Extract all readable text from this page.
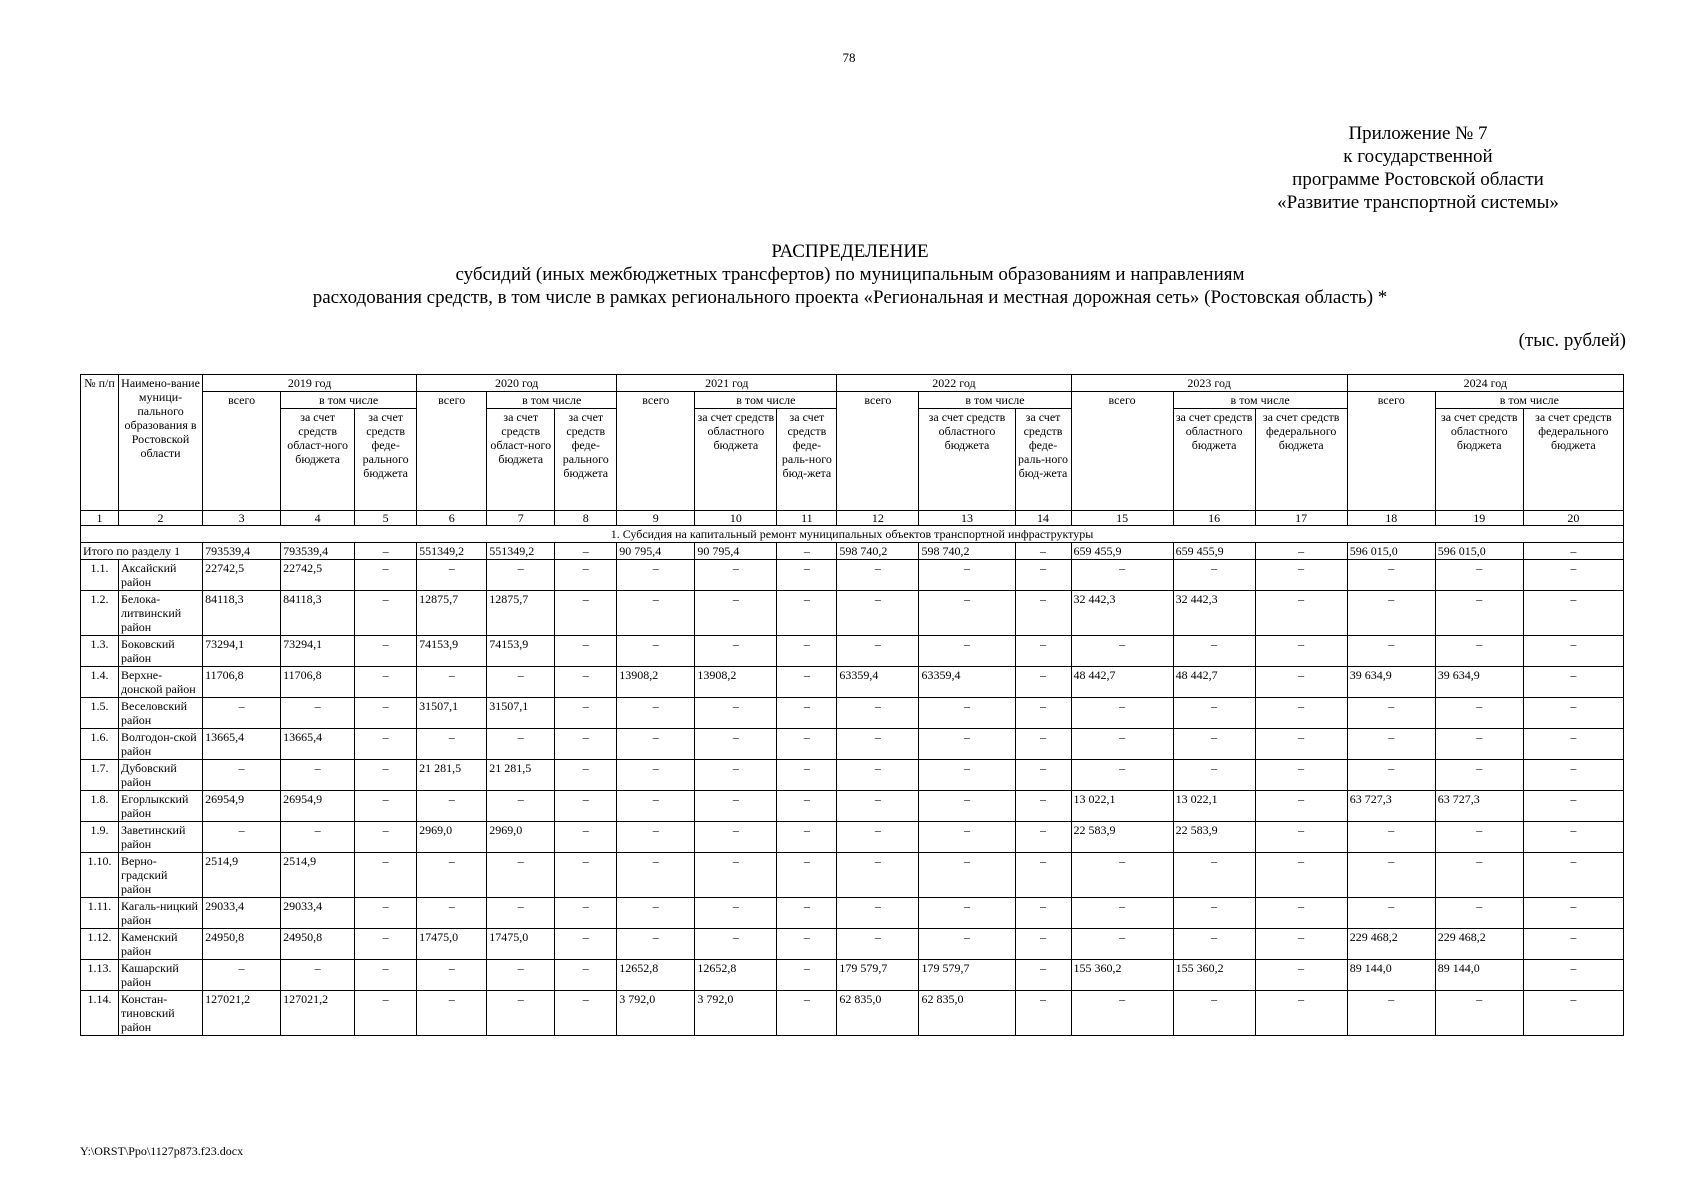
78
Приложение № 7
к государственной
программе Ростовской области
«Развитие транспортной системы»
РАСПРЕДЕЛЕНИЕ
субсидий (иных межбюджетных трансфертов) по муниципальным образованиям и направлениям
расходования средств, в том числе в рамках регионального проекта «Региональная и местная дорожная сеть» (Ростовская область) *
(тыс. рублей)
№ п/п	Наимено-вание муници-пального образования в Ростовской области	2019 год			2020 год			2021 год			2022 год			2023 год			2024 год		
		всего	в том числе		всего	в том числе		всего	в том числе		всего	в том числе		всего	в том числе		всего	в том числе	
			за счет средств област-ного бюджета	за счет средств феде-рального бюджета		за счет средств област-ного бюджета	за счет средств феде-рального бюджета		за счет средств областного бюджета	за счет средств феде-раль-ного бюд-жета		за счет средств областного бюджета	за счет средств феде-раль-ного бюд-жета		за счет средств областного бюджета	за счет средств федерального бюджета		за счет средств областного бюджета	за счет средств федерального бюджета
1	2	3	4	5	6	7	8	9	10	11	12	13	14	15	16	17	18	19	20
1. Субсидия на капитальный ремонт муниципальных объектов транспортной инфраструктуры																			
Итого по разделу 1		793539,4	793539,4	–	551349,2	551349,2	–	90 795,4	90 795,4	–	598 740,2	598 740,2	–	659 455,9	659 455,9	–	596 015,0	596 015,0	–
1.1.	Аксайский район	22742,5	22742,5	–	–	–	–	–	–	–	–	–	–	–	–	–	–	–	–
1.2.	Белока-литвинский район	84118,3	84118,3	–	12875,7	12875,7	–	–	–	–	–	–	–	32 442,3	32 442,3	–	–	–	–
1.3.	Боковский район	73294,1	73294,1	–	74153,9	74153,9	–	–	–	–	–	–	–	–	–	–	–	–	–
1.4.	Верхне-донской район	11706,8	11706,8	–	–	–	–	13908,2	13908,2	–	63359,4	63359,4	–	48 442,7	48 442,7	–	39 634,9	39 634,9	–
1.5.	Веселовский район	–	–	–	31507,1	31507,1	–	–	–	–	–	–	–	–	–	–	–	–	–
1.6.	Волгодон-ской район	13665,4	13665,4	–	–	–	–	–	–	–	–	–	–	–	–	–	–	–	–
1.7.	Дубовский район	–	–	–	21 281,5	21 281,5	–	–	–	–	–	–	–	–	–	–	–	–	–
1.8.	Егорлыкский район	26954,9	26954,9	–	–	–	–	–	–	–	–	–	–	13 022,1	13 022,1	–	63 727,3	63 727,3	–
1.9.	Заветинский район	–	–	–	2969,0	2969,0	–	–	–	–	–	–	–	22 583,9	22 583,9	–	–	–	–
1.10.	Верно-градский район	2514,9	2514,9	–	–	–	–	–	–	–	–	–	–	–	–	–	–	–	–
1.11.	Кагаль-ницкий район	29033,4	29033,4	–	–	–	–	–	–	–	–	–	–	–	–	–	–	–	–
1.12.	Каменский район	24950,8	24950,8	–	17475,0	17475,0	–	–	–	–	–	–	–	–	–	–	229 468,2	229 468,2	–
1.13.	Кашарский район	–	–	–	–	–	–	12652,8	12652,8	–	179 579,7	179 579,7	–	155 360,2	155 360,2	–	89 144,0	89 144,0	–
1.14.	Констан-тиновский район	127021,2	127021,2	–	–	–	–	3 792,0	3 792,0	–	62 835,0	62 835,0	–	–	–	–	–	–	–
Y:\ORST\Ppo\1127p873.f23.docx
